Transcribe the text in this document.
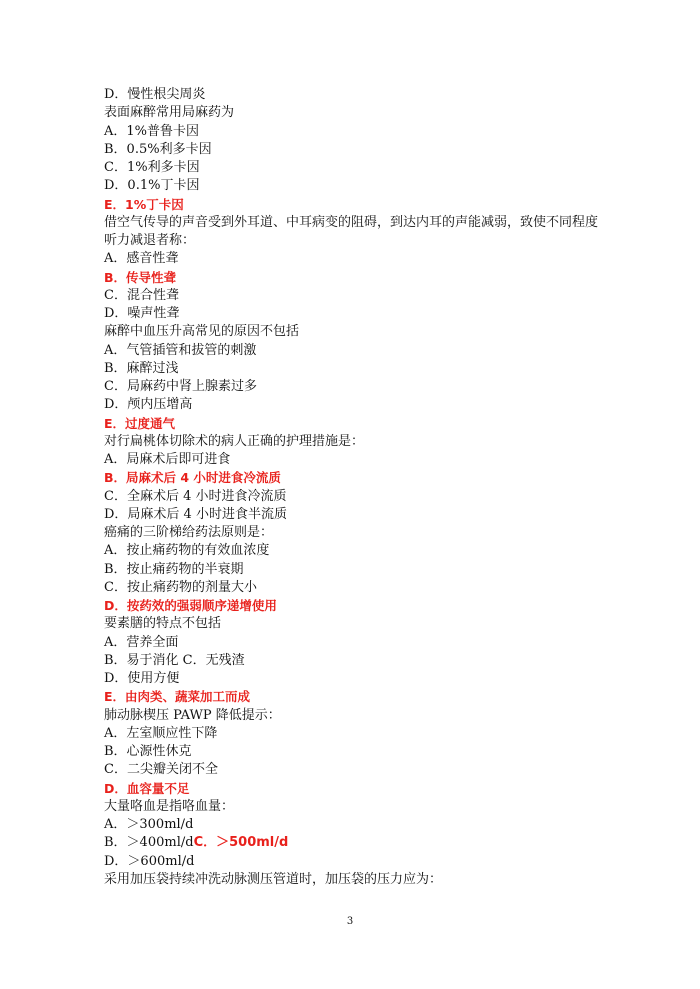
D．慢性根尖周炎
表面麻醉常用局麻药为
A．1%普鲁卡因
B．0.5%利多卡因
C．1%利多卡因
D．0.1%丁卡因
E．1%丁卡因
借空气传导的声音受到外耳道、中耳病变的阻碍，到达内耳的声能减弱，致使不同程度听力减退者称：
A．感音性聋
B．传导性聋
C．混合性聋
D．噪声性聋
麻醉中血压升高常见的原因不包括
A．气管插管和拔管的刺激
B．麻醉过浅
C．局麻药中肾上腺素过多
D．颅内压增高
E．过度通气
对行扁桃体切除术的病人正确的护理措施是：
A．局麻术后即可进食
B．局麻术后 4 小时进食冷流质
C．全麻术后 4 小时进食冷流质
D．局麻术后 4 小时进食半流质
癌痛的三阶梯给药法原则是：
A．按止痛药物的有效血浓度
B．按止痛药物的半衰期
C．按止痛药物的剂量大小
D．按药效的强弱顺序递增使用
要素膳的特点不包括
A．营养全面
B．易于消化 C．无残渣
D．使用方便
E．由肉类、蔬菜加工而成
肺动脉楔压 PAWP 降低提示：
A．左室顺应性下降
B．心源性休克
C．二尖瓣关闭不全
D．血容量不足
大量咯血是指咯血量：
A．＞300ml/d
B．＞400ml/dC．＞500ml/d
D．＞600ml/d
采用加压袋持续冲洗动脉测压管道时，加压袋的压力应为：
3
